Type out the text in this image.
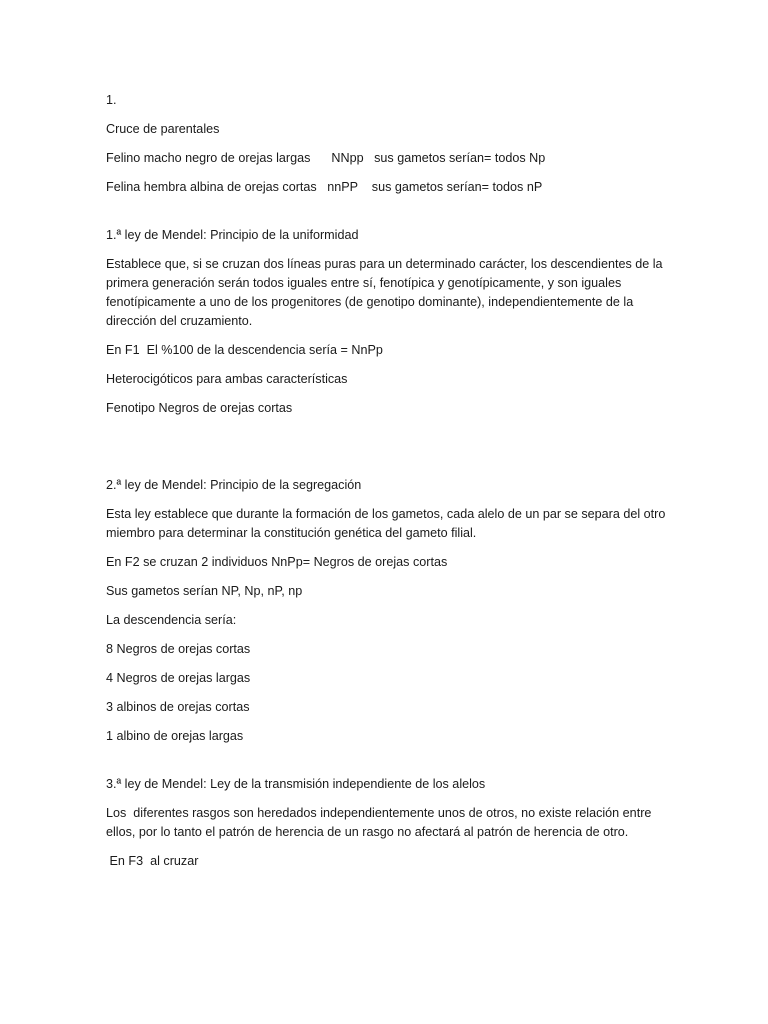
1.

Cruce de parentales

Felino macho negro de orejas largas      NNpp   sus gametos serían= todos Np

Felina hembra albina de orejas cortas   nnPP    sus gametos serían= todos nP

1.ª ley de Mendel: Principio de la uniformidad

Establece que, si se cruzan dos líneas puras para un determinado carácter, los descendientes de la primera generación serán todos iguales entre sí, fenotípica y genotípicamente, y son iguales fenotípicamente a uno de los progenitores (de genotipo dominante), independientemente de la dirección del cruzamiento.

En F1  El %100 de la descendencia sería = NnPp

Heterocigóticos para ambas características

Fenotipo Negros de orejas cortas

2.ª ley de Mendel: Principio de la segregación

Esta ley establece que durante la formación de los gametos, cada alelo de un par se separa del otro miembro para determinar la constitución genética del gameto filial.

En F2 se cruzan 2 individuos NnPp= Negros de orejas cortas

Sus gametos serían NP, Np, nP, np

La descendencia sería:

8 Negros de orejas cortas

4 Negros de orejas largas

3 albinos de orejas cortas

1 albino de orejas largas

3.ª ley de Mendel: Ley de la transmisión independiente de los alelos

Los  diferentes rasgos son heredados independientemente unos de otros, no existe relación entre ellos, por lo tanto el patrón de herencia de un rasgo no afectará al patrón de herencia de otro.

En F3  al cruzar
